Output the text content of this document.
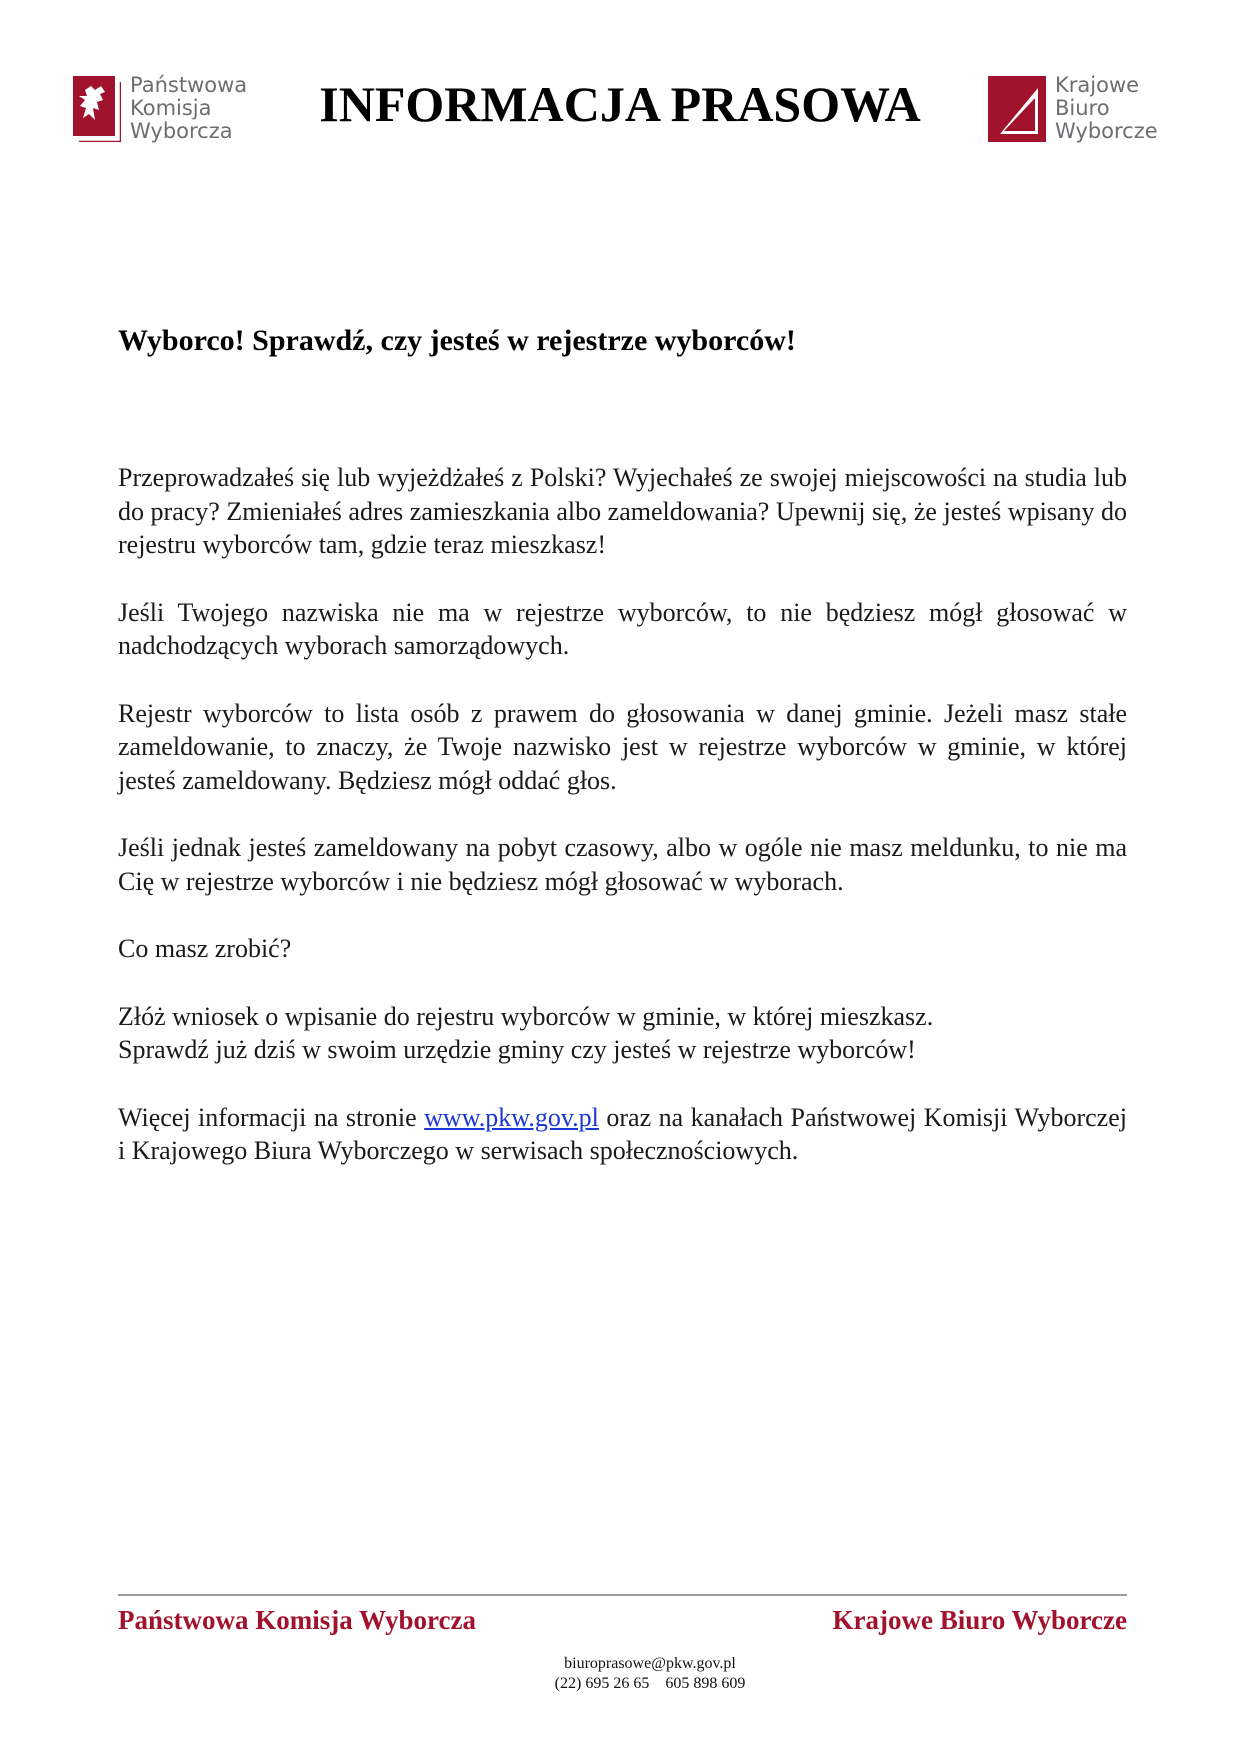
Państwowa
Komisja
Wyborcza	INFORMACJA PRASOWA	Krajowe
Biuro
Wyborcze
Wyborco! Sprawdź, czy jesteś w rejestrze wyborców!

Przeprowadzałeś się lub wyjeżdżałeś z Polski? Wyjechałeś ze swojej miejscowości na studia lub do pracy? Zmieniałeś adres zamieszkania albo zameldowania? Upewnij się, że jesteś wpisany do rejestru wyborców tam, gdzie teraz mieszkasz!

Jeśli Twojego nazwiska nie ma w rejestrze wyborców, to nie będziesz mógł głosować w nadchodzących wyborach samorządowych.

Rejestr wyborców to lista osób z prawem do głosowania w danej gminie. Jeżeli masz stałe zameldowanie, to znaczy, że Twoje nazwisko jest w rejestrze wyborców w gminie, w której jesteś zameldowany. Będziesz mógł oddać głos.

Jeśli jednak jesteś zameldowany na pobyt czasowy, albo w ogóle nie masz meldunku, to nie ma Cię w rejestrze wyborców i nie będziesz mógł głosować w wyborach.

Co masz zrobić?

Złóż wniosek o wpisanie do rejestru wyborców w gminie, w której mieszkasz.
Sprawdź już dziś w swoim urzędzie gminy czy jesteś w rejestrze wyborców!

Więcej informacji na stronie www.pkw.gov.pl oraz na kanałach Państwowej Komisji Wyborczej i Krajowego Biura Wyborczego w serwisach społecznościowych.

Państwowa Komisja Wyborcza	Krajowe Biuro Wyborcze
biuroprasowe@pkw.gov.pl
(22) 695 26 65    605 898 609
